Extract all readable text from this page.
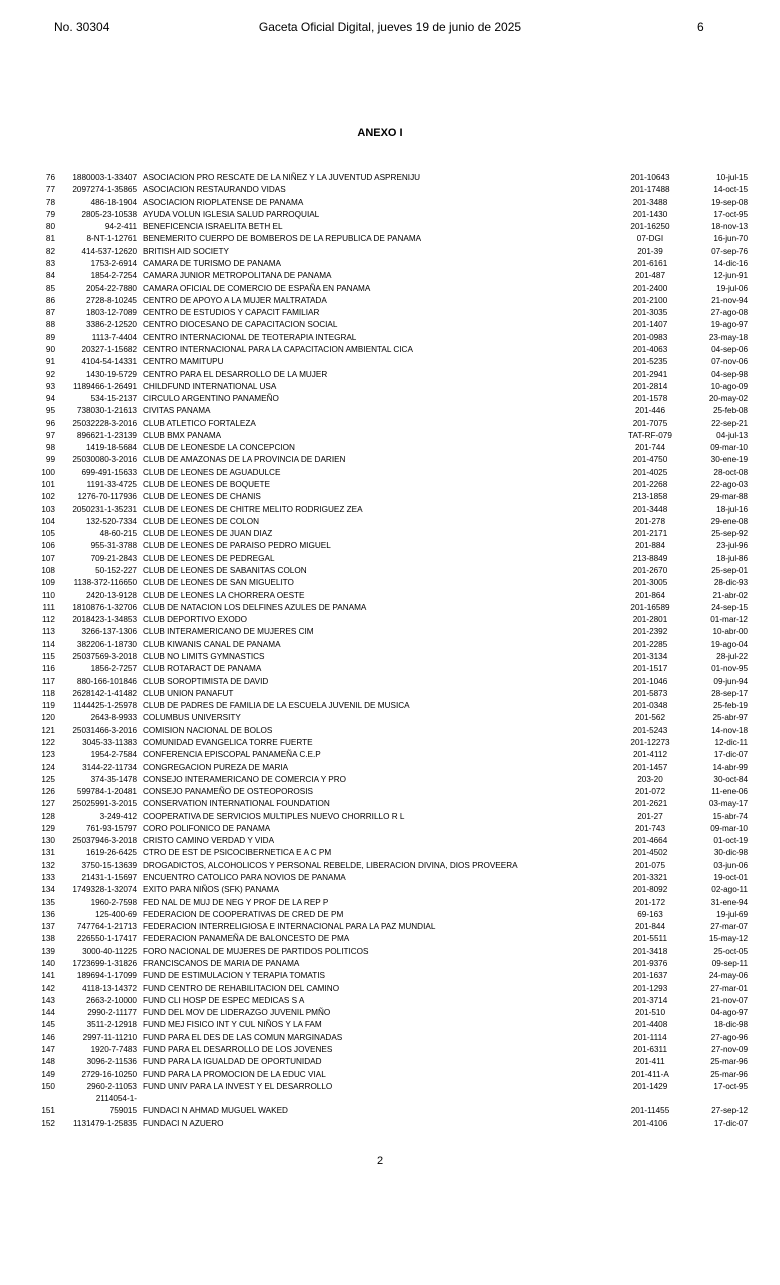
No. 30304	Gaceta Oficial Digital, jueves 19 de junio de 2025	6
ANEXO I
76	1880003-1-33407	ASOCIACION PRO RESCATE DE LA NIÑEZ Y LA JUVENTUD ASPRENIJU	201-10643	10-jul-15
77	2097274-1-35865	ASOCIACION RESTAURANDO VIDAS	201-17488	14-oct-15
78	486-18-1904	ASOCIACION RIOPLATENSE DE PANAMA	201-3488	19-sep-08
79	2805-23-10538	AYUDA VOLUN IGLESIA SALUD PARROQUIAL	201-1430	17-oct-95
80	94-2-411	BENEFICENCIA ISRAELITA BETH EL	201-16250	18-nov-13
81	8-NT-1-12761	BENEMERITO CUERPO DE BOMBEROS DE LA REPUBLICA DE PANAMA	07-DGI	16-jun-70
82	414-537-12620	BRITISH AID SOCIETY	201-39	07-sep-76
83	1753-2-6914	CAMARA DE TURISMO DE PANAMA	201-6161	14-dic-16
84	1854-2-7254	CAMARA JUNIOR METROPOLITANA DE PANAMA	201-487	12-jun-91
85	2054-22-7880	CAMARA OFICIAL DE COMERCIO DE ESPAÑA EN PANAMA	201-2400	19-jul-06
86	2728-8-10245	CENTRO DE APOYO A LA MUJER MALTRATADA	201-2100	21-nov-94
87	1803-12-7089	CENTRO DE ESTUDIOS Y CAPACIT FAMILIAR	201-3035	27-ago-08
88	3386-2-12520	CENTRO DIOCESANO DE CAPACITACION SOCIAL	201-1407	19-ago-97
89	1113-7-4404	CENTRO INTERNACIONAL DE TEOTERAPIA INTEGRAL	201-0983	23-may-18
90	20327-1-15682	CENTRO INTERNACIONAL PARA LA CAPACITACION AMBIENTAL CICA	201-4063	04-sep-06
91	4104-54-14331	CENTRO MAMITUPU	201-5235	07-nov-06
92	1430-19-5729	CENTRO PARA EL DESARROLLO DE LA MUJER	201-2941	04-sep-98
93	1189466-1-26491	CHILDFUND INTERNATIONAL USA	201-2814	10-ago-09
94	534-15-2137	CIRCULO ARGENTINO PANAMEÑO	201-1578	20-may-02
95	738030-1-21613	CIVITAS PANAMA	201-446	25-feb-08
96	25032228-3-2016	CLUB ATLETICO FORTALEZA	201-7075	22-sep-21
97	896621-1-23139	CLUB BMX PANAMA	TAT-RF-079	04-jul-13
98	1419-18-5684	CLUB DE LEONESDE LA CONCEPCION	201-744	09-mar-10
99	25030080-3-2016	CLUB DE AMAZONAS DE LA PROVINCIA DE DARIEN	201-4750	30-ene-19
100	699-491-15633	CLUB DE LEONES DE AGUADULCE	201-4025	28-oct-08
101	1191-33-4725	CLUB DE LEONES DE BOQUETE	201-2268	22-ago-03
102	1276-70-117936	CLUB DE LEONES DE CHANIS	213-1858	29-mar-88
103	2050231-1-35231	CLUB DE LEONES DE CHITRE MELITO RODRIGUEZ ZEA	201-3448	18-jul-16
104	132-520-7334	CLUB DE LEONES DE COLON	201-278	29-ene-08
105	48-60-215	CLUB DE LEONES DE JUAN DIAZ	201-2171	25-sep-92
106	955-31-3788	CLUB DE LEONES DE PARAISO PEDRO MIGUEL	201-884	23-jul-96
107	709-21-2843	CLUB DE LEONES DE PEDREGAL	213-8849	18-jul-86
108	50-152-227	CLUB DE LEONES DE SABANITAS COLON	201-2670	25-sep-01
109	1138-372-116650	CLUB DE LEONES DE SAN MIGUELITO	201-3005	28-dic-93
110	2420-13-9128	CLUB DE LEONES LA CHORRERA OESTE	201-864	21-abr-02
111	1810876-1-32706	CLUB DE NATACION LOS DELFINES AZULES DE PANAMA	201-16589	24-sep-15
112	2018423-1-34853	CLUB DEPORTIVO EXODO	201-2801	01-mar-12
113	3266-137-1306	CLUB INTERAMERICANO DE MUJERES CIM	201-2392	10-abr-00
114	382206-1-18730	CLUB KIWANIS CANAL DE PANAMA	201-2285	19-ago-04
115	25037569-3-2018	CLUB NO LIMITS GYMNASTICS	201-3134	28-jul-22
116	1856-2-7257	CLUB ROTARACT DE PANAMA	201-1517	01-nov-95
117	880-166-101846	CLUB SOROPTIMISTA DE DAVID	201-1046	09-jun-94
118	2628142-1-41482	CLUB UNION PANAFUT	201-5873	28-sep-17
119	1144425-1-25978	CLUB DE PADRES DE FAMILIA DE LA ESCUELA JUVENIL DE MUSICA	201-0348	25-feb-19
120	2643-8-9933	COLUMBUS UNIVERSITY	201-562	25-abr-97
121	25031466-3-2016	COMISION NACIONAL DE BOLOS	201-5243	14-nov-18
122	3045-33-11383	COMUNIDAD EVANGELICA TORRE FUERTE	201-12273	12-dic-11
123	1954-2-7584	CONFERENCIA EPISCOPAL PANAMEÑA C.E.P	201-4112	17-dic-07
124	3144-22-11734	CONGREGACION PUREZA DE MARIA	201-1457	14-abr-99
125	374-35-1478	CONSEJO INTERAMERICANO DE COMERCIA Y PRO	203-20	30-oct-84
126	599784-1-20481	CONSEJO PANAMEÑO DE OSTEOPOROSIS	201-072	11-ene-06
127	25025991-3-2015	CONSERVATION INTERNATIONAL FOUNDATION	201-2621	03-may-17
128	3-249-412	COOPERATIVA DE SERVICIOS MULTIPLES NUEVO CHORRILLO R L	201-27	15-abr-74
129	761-93-15797	CORO POLIFONICO DE PANAMA	201-743	09-mar-10
130	25037946-3-2018	CRISTO CAMINO VERDAD Y VIDA	201-4664	01-oct-19
131	1619-26-6425	CTRO DE EST DE PSICOCIBERNETICA E A C PM	201-4502	30-dic-98
132	3750-15-13639	DROGADICTOS, ALCOHOLICOS Y PERSONAL REBELDE, LIBERACION DIVINA, DIOS PROVEERA	201-075	03-jun-06
133	21431-1-15697	ENCUENTRO CATOLICO PARA NOVIOS DE PANAMA	201-3321	19-oct-01
134	1749328-1-32074	EXITO PARA NIÑOS (SFK) PANAMA	201-8092	02-ago-11
135	1960-2-7598	FED NAL DE MUJ DE NEG Y PROF DE LA REP P	201-172	31-ene-94
136	125-400-69	FEDERACION DE COOPERATIVAS DE CRED DE PM	69-163	19-jul-69
137	747764-1-21713	FEDERACION INTERRELIGIOSA E INTERNACIONAL PARA LA PAZ MUNDIAL	201-844	27-mar-07
138	226550-1-17417	FEDERACION PANAMEÑA DE BALONCESTO DE PMA	201-5511	15-may-12
139	3000-40-11225	FORO NACIONAL DE MUJERES DE PARTIDOS POLITICOS	201-3418	25-oct-05
140	1723699-1-31826	FRANCISCANOS DE MARIA DE PANAMA	201-9376	09-sep-11
141	189694-1-17099	FUND DE ESTIMULACION Y TERAPIA TOMATIS	201-1637	24-may-06
142	4118-13-14372	FUND CENTRO DE REHABILITACION DEL CAMINO	201-1293	27-mar-01
143	2663-2-10000	FUND CLI HOSP DE ESPEC MEDICAS S A	201-3714	21-nov-07
144	2990-2-11177	FUND DEL MOV DE LIDERAZGO JUVENIL PMÑO	201-510	04-ago-97
145	3511-2-12918	FUND MEJ FISICO INT Y CUL NIÑOS Y LA FAM	201-4408	18-dic-98
146	2997-11-11210	FUND PARA EL DES DE LAS COMUN MARGINADAS	201-1114	27-ago-96
147	1920-7-7483	FUND PARA EL DESARROLLO DE LOS JOVENES	201-6311	27-nov-09
148	3096-2-11536	FUND PARA LA IGUALDAD DE OPORTUNIDAD	201-411	25-mar-96
149	2729-16-10250	FUND PARA LA PROMOCION DE LA EDUC VIAL	201-411-A	25-mar-96
150	2960-2-11053	FUND UNIV PARA LA INVEST Y EL DESARROLLO	201-1429	17-oct-95
	2114054-1-			
151	759015	FUNDACI N AHMAD MUGUEL WAKED	201-11455	27-sep-12
152	1131479-1-25835	FUNDACI N AZUERO	201-4106	17-dic-07
2
